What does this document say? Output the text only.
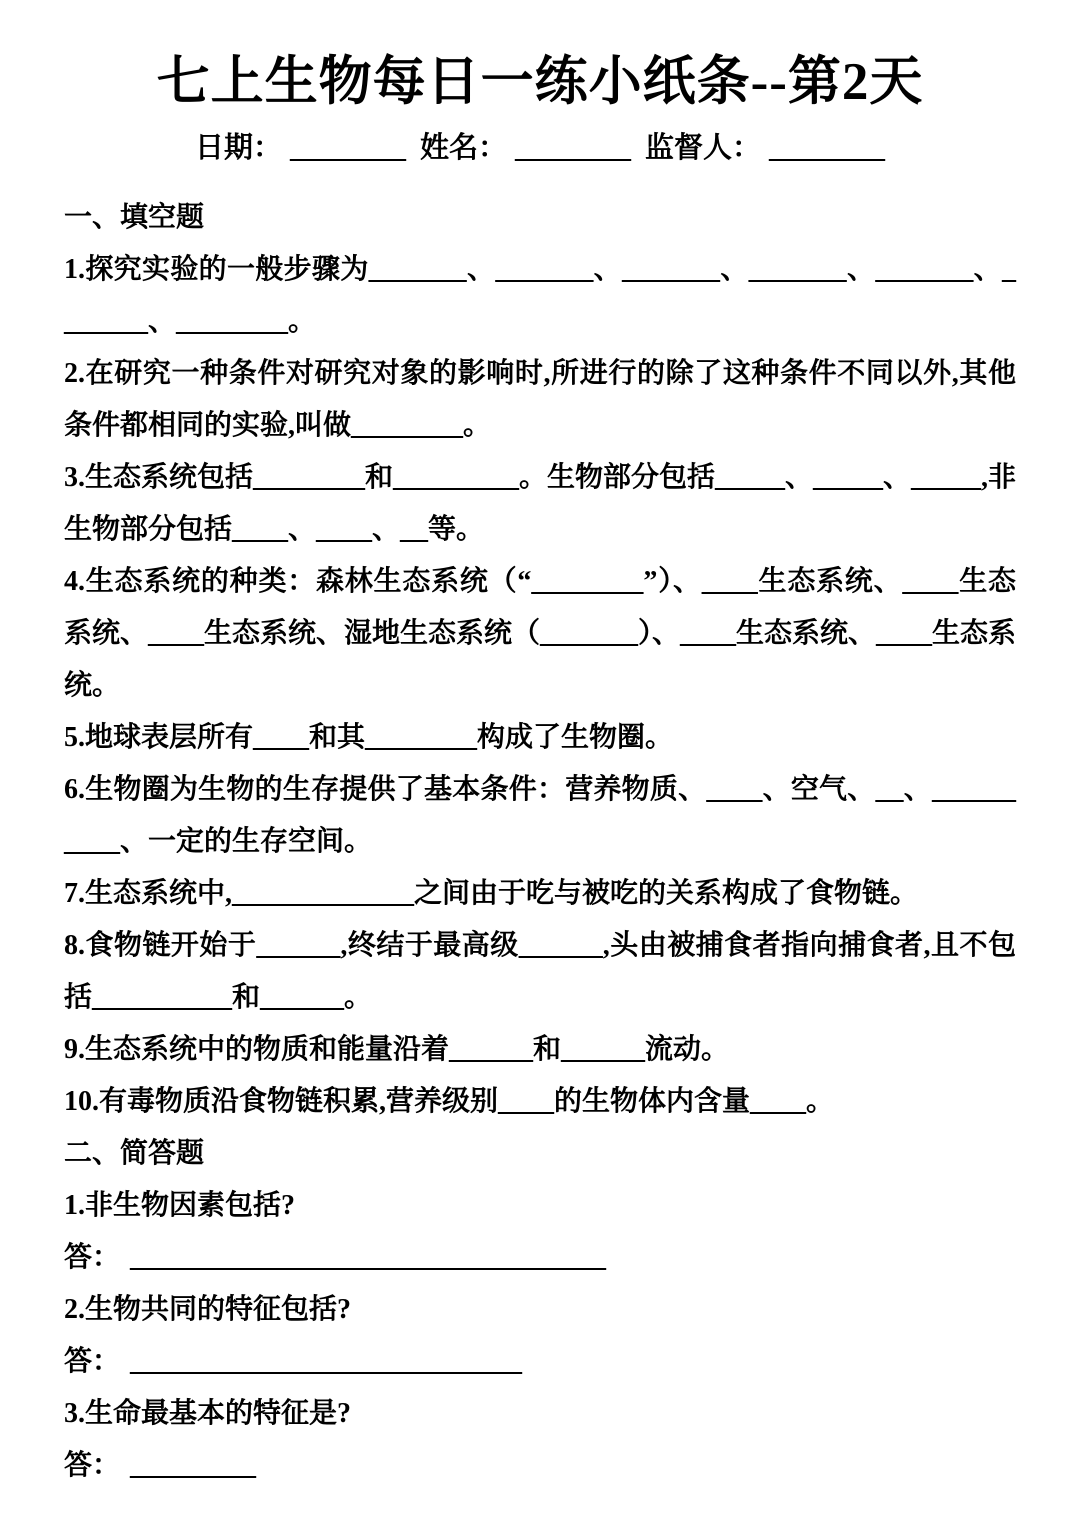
七上生物每日一练小纸条--第2天
日期： ________ 姓名： ________ 监督人： ________
一、填空题

1.探究实验的一般步骤为_______、_______、_______、_______、_______、_______、________。

2.在研究一种条件对研究对象的影响时,所进行的除了这种条件不同以外,其他条件都相同的实验,叫做________。

3.生态系统包括________和_________。生物部分包括_____、_____、_____,非生物部分包括____、____、__等。

4.生态系统的种类：森林生态系统（“________”）、____生态系统、____生态系统、____生态系统、湿地生态系统（_______）、____生态系统、____生态系统。

5.地球表层所有____和其________构成了生物圈。

6.生物圈为生物的生存提供了基本条件：营养物质、____、空气、__、__________、一定的生存空间。

7.生态系统中,_____________之间由于吃与被吃的关系构成了食物链。

8.食物链开始于______,终结于最高级______,头由被捕食者指向捕食者,且不包括__________和______。

9.生态系统中的物质和能量沿着______和______流动。

10.有毒物质沿食物链积累,营养级别____的生物体内含量____。

二、简答题

1.非生物因素包括?

答： __________________________________

2.生物共同的特征包括?

答： ____________________________

3.生命最基本的特征是?

答： _________
